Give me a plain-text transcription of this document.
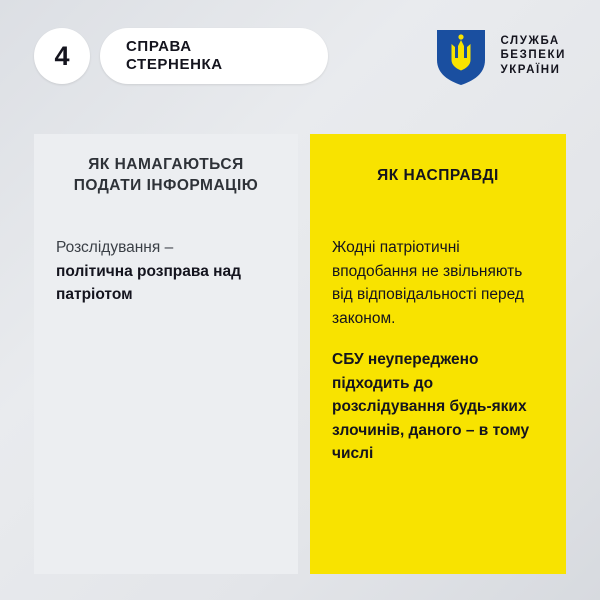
4	СПРАВА
СТЕРНЕНКА
СЛУЖБА
БЕЗПЕКИ
УКРАЇНИ
ЯК НАМАГАЮТЬСЯ
ПОДАТИ ІНФОРМАЦІЮ

Розслідування –

політична розправа над патріотом

ЯК НАСПРАВДІ

Жодні патріотичні вподобання не звільняють від відповідальності перед законом.

СБУ неупереджено підходить до розслідування будь-яких злочинів, даного – в тому числі
